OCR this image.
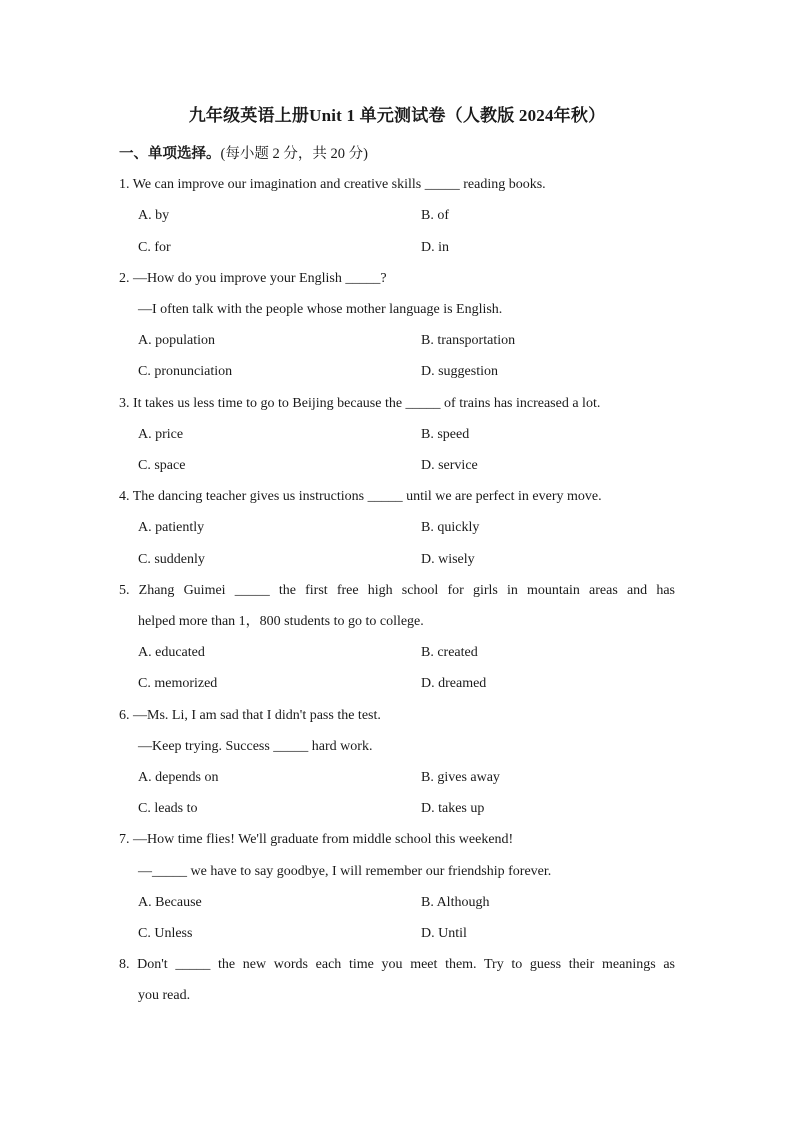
九年级英语上册Unit 1 单元测试卷（人教版 2024年秋）
一、单项选择。(每小题 2 分，共 20 分)
1. We can improve our imagination and creative skills _____ reading books.
A. by	B. of
C. for	D. in
2. —How do you improve your English _____?
—I often talk with the people whose mother language is English.
A. population	B. transportation
C. pronunciation	D. suggestion
3. It takes us less time to go to Beijing because the _____ of trains has increased a lot.
A. price	B. speed
C. space	D. service
4. The dancing teacher gives us instructions _____ until we are perfect in every move.
A. patiently	B. quickly
C. suddenly	D. wisely
5. Zhang Guimei _____ the first free high school for girls in mountain areas and has
helped more than 1，800 students to go to college.
A. educated	B. created
C. memorized	D. dreamed
6. —Ms. Li, I am sad that I didn't pass the test.
—Keep trying. Success _____ hard work.
A. depends on	B. gives away
C. leads to	D. takes up
7. —How time flies! We'll graduate from middle school this weekend!
—_____ we have to say goodbye, I will remember our friendship forever.
A. Because	B. Although
C. Unless	D. Until
8. Don't _____ the new words each time you meet them. Try to guess their meanings as
you read.
